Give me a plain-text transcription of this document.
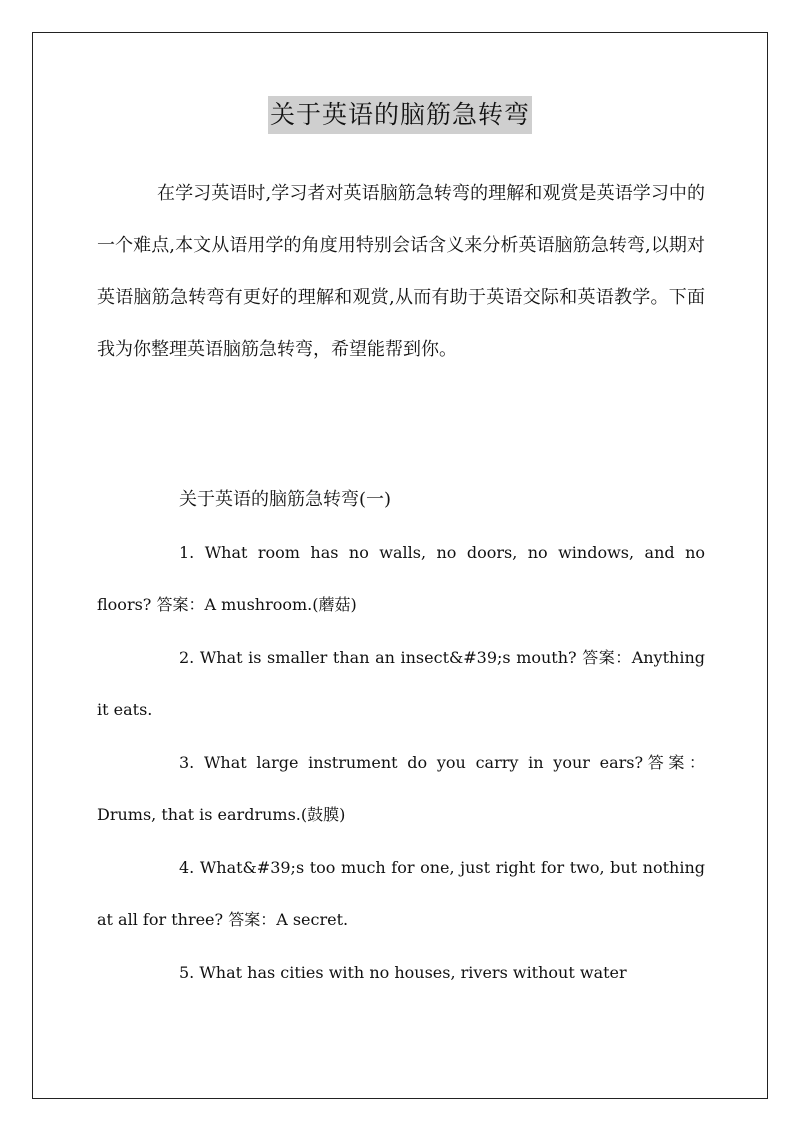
关于英语的脑筋急转弯
在学习英语时,学习者对英语脑筋急转弯的理解和观赏是英语学习中的一个难点,本文从语用学的角度用特别会话含义来分析英语脑筋急转弯,以期对英语脑筋急转弯有更好的理解和观赏,从而有助于英语交际和英语教学。下面我为你整理英语脑筋急转弯，希望能帮到你。
关于英语的脑筋急转弯(一)
1. What room has no walls, no doors, no windows, and no floors? 答案：A mushroom.(蘑菇)
2. What is smaller than an insect&#39;s mouth? 答案：Anything it eats.
3. What large instrument do you carry in your ears?答案：Drums, that is eardrums.(鼓膜)
4. What&#39;s too much for one, just right for two, but nothing at all for three? 答案：A secret.
5. What has cities with no houses, rivers without water
